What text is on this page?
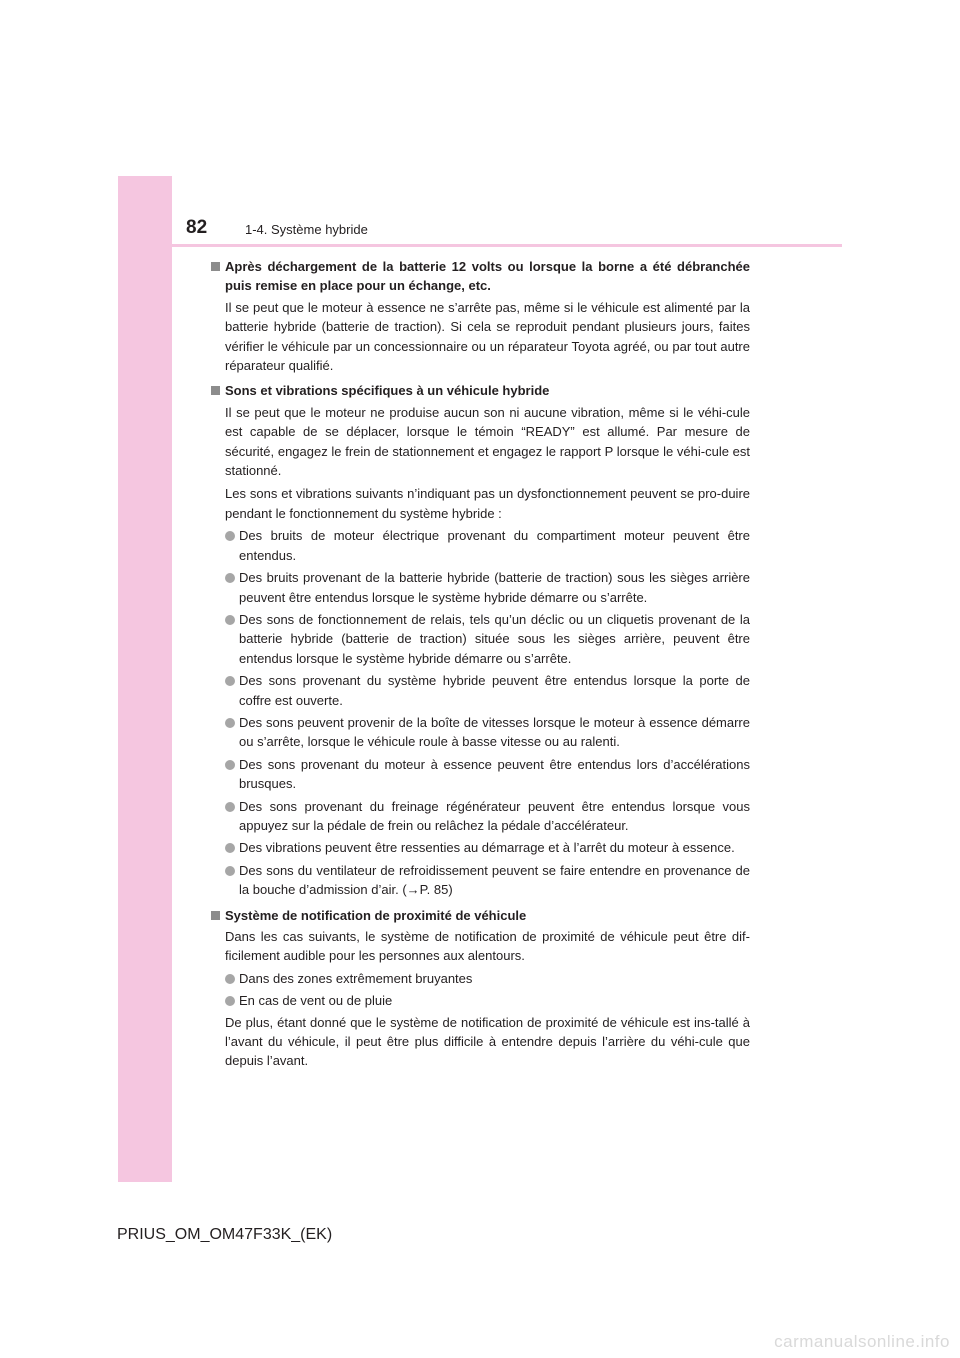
82	1-4. Système hybride
Après déchargement de la batterie 12 volts ou lorsque la borne a été débranchée puis remise en place pour un échange, etc.
Il se peut que le moteur à essence ne s’arrête pas, même si le véhicule est alimenté par la batterie hybride (batterie de traction). Si cela se reproduit pendant plusieurs jours, faites vérifier le véhicule par un concessionnaire ou un réparateur Toyota agréé, ou par tout autre réparateur qualifié.
Sons et vibrations spécifiques à un véhicule hybride
Il se peut que le moteur ne produise aucun son ni aucune vibration, même si le véhi-cule est capable de se déplacer, lorsque le témoin “READY” est allumé. Par mesure de sécurité, engagez le frein de stationnement et engagez le rapport P lorsque le véhi-cule est stationné.
Les sons et vibrations suivants n’indiquant pas un dysfonctionnement peuvent se pro-duire pendant le fonctionnement du système hybride :
Des bruits de moteur électrique provenant du compartiment moteur peuvent être entendus.
Des bruits provenant de la batterie hybride (batterie de traction) sous les sièges arrière peuvent être entendus lorsque le système hybride démarre ou s’arrête.
Des sons de fonctionnement de relais, tels qu’un déclic ou un cliquetis provenant de la batterie hybride (batterie de traction) située sous les sièges arrière, peuvent être entendus lorsque le système hybride démarre ou s’arrête.
Des sons provenant du système hybride peuvent être entendus lorsque la porte de coffre est ouverte.
Des sons peuvent provenir de la boîte de vitesses lorsque le moteur à essence démarre ou s’arrête, lorsque le véhicule roule à basse vitesse ou au ralenti.
Des sons provenant du moteur à essence peuvent être entendus lors d’accélérations brusques.
Des sons provenant du freinage régénérateur peuvent être entendus lorsque vous appuyez sur la pédale de frein ou relâchez la pédale d’accélérateur.
Des vibrations peuvent être ressenties au démarrage et à l’arrêt du moteur à essence.
Des sons du ventilateur de refroidissement peuvent se faire entendre en provenance de la bouche d’admission d’air. (→P. 85)
Système de notification de proximité de véhicule
Dans les cas suivants, le système de notification de proximité de véhicule peut être dif-ficilement audible pour les personnes aux alentours.
Dans des zones extrêmement bruyantes
En cas de vent ou de pluie
De plus, étant donné que le système de notification de proximité de véhicule est ins-tallé à l’avant du véhicule, il peut être plus difficile à entendre depuis l’arrière du véhi-cule que depuis l’avant.
PRIUS_OM_OM47F33K_(EK)
carmanualsonline.info
